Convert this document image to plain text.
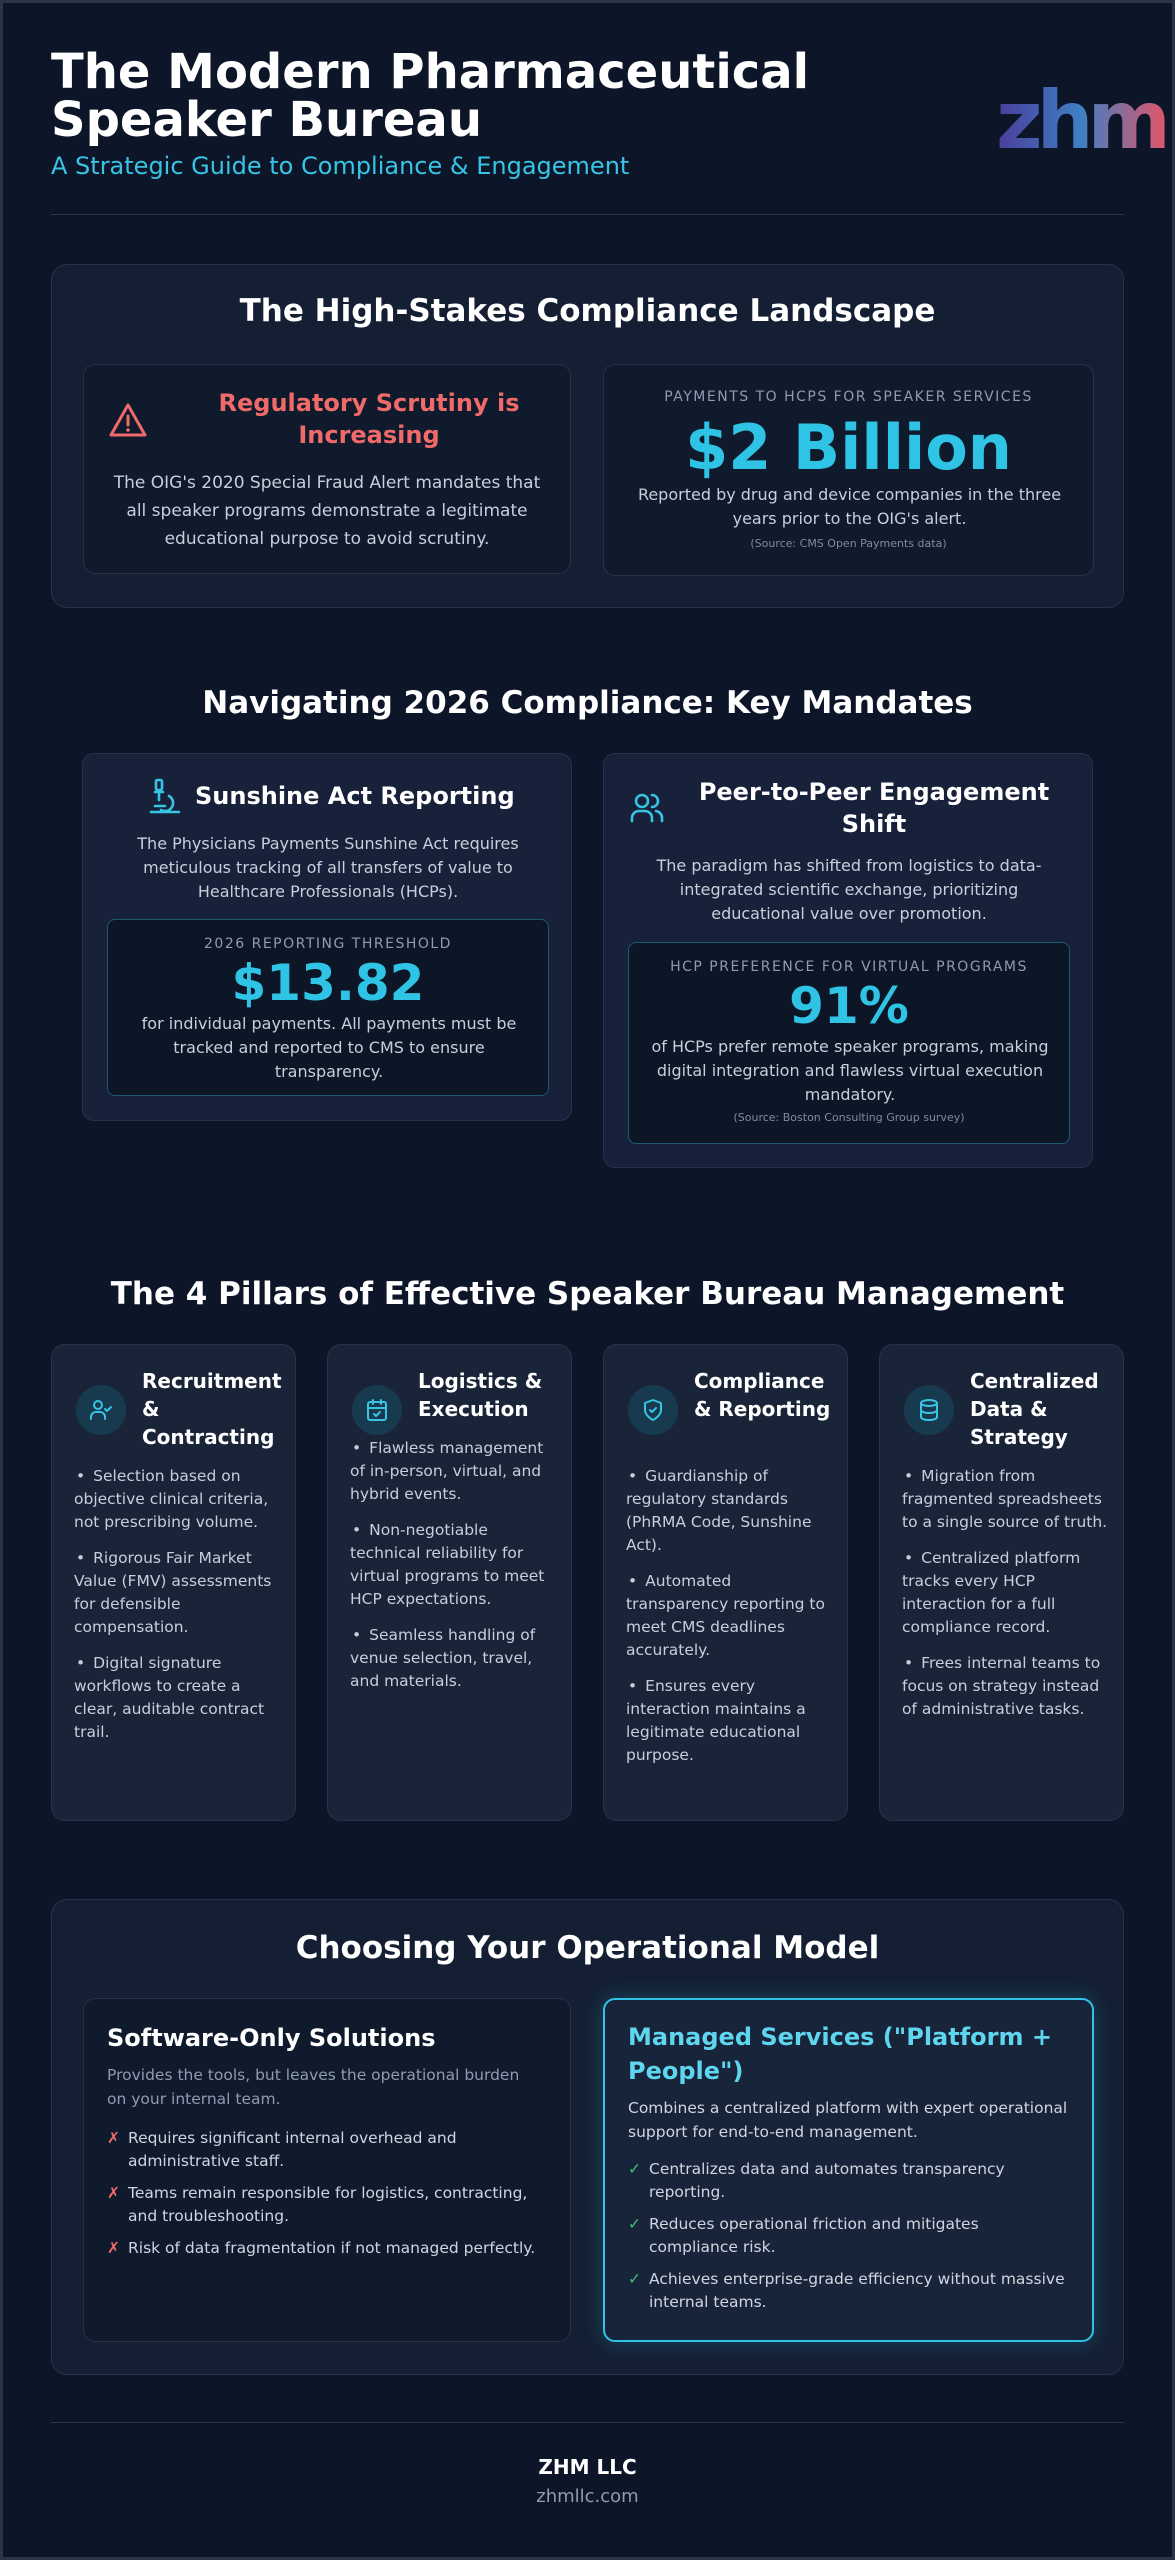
The Modern Pharmaceutical Speaker Bureau
A Strategic Guide to Compliance & Engagement	zhm
The High-Stakes Compliance Landscape
Regulatory Scrutiny is Increasing
The OIG's 2020 Special Fraud Alert mandates that all speaker programs demonstrate a legitimate educational purpose to avoid scrutiny.
PAYMENTS TO HCPS FOR SPEAKER SERVICES
$2 Billion
Reported by drug and device companies in the three years prior to the OIG's alert.
(Source: CMS Open Payments data)
Navigating 2026 Compliance: Key Mandates
Sunshine Act Reporting
The Physicians Payments Sunshine Act requires meticulous tracking of all transfers of value to Healthcare Professionals (HCPs).
2026 REPORTING THRESHOLD
$13.82
for individual payments. All payments must be tracked and reported to CMS to ensure transparency.
Peer-to-Peer Engagement Shift
The paradigm has shifted from logistics to data-integrated scientific exchange, prioritizing educational value over promotion.
HCP PREFERENCE FOR VIRTUAL PROGRAMS
91%
of HCPs prefer remote speaker programs, making digital integration and flawless virtual execution mandatory.
(Source: Boston Consulting Group survey)
The 4 Pillars of Effective Speaker Bureau Management
Recruitment & Contracting
• Selection based on objective clinical criteria, not prescribing volume.
• Rigorous Fair Market Value (FMV) assessments for defensible compensation.
• Digital signature workflows to create a clear, auditable contract trail.
Logistics & Execution
• Flawless management of in-person, virtual, and hybrid events.
• Non-negotiable technical reliability for virtual programs to meet HCP expectations.
• Seamless handling of venue selection, travel, and materials.
Compliance & Reporting
• Guardianship of regulatory standards (PhRMA Code, Sunshine Act).
• Automated transparency reporting to meet CMS deadlines accurately.
• Ensures every interaction maintains a legitimate educational purpose.
Centralized Data & Strategy
• Migration from fragmented spreadsheets to a single source of truth.
• Centralized platform tracks every HCP interaction for a full compliance record.
• Frees internal teams to focus on strategy instead of administrative tasks.
Choosing Your Operational Model
Software-Only Solutions
Provides the tools, but leaves the operational burden on your internal team.
✗ Requires significant internal overhead and administrative staff.
✗ Teams remain responsible for logistics, contracting, and troubleshooting.
✗ Risk of data fragmentation if not managed perfectly.
Managed Services ("Platform + People")
Combines a centralized platform with expert operational support for end-to-end management.
✓ Centralizes data and automates transparency reporting.
✓ Reduces operational friction and mitigates compliance risk.
✓ Achieves enterprise-grade efficiency without massive internal teams.
ZHM LLC
zhmllc.com
